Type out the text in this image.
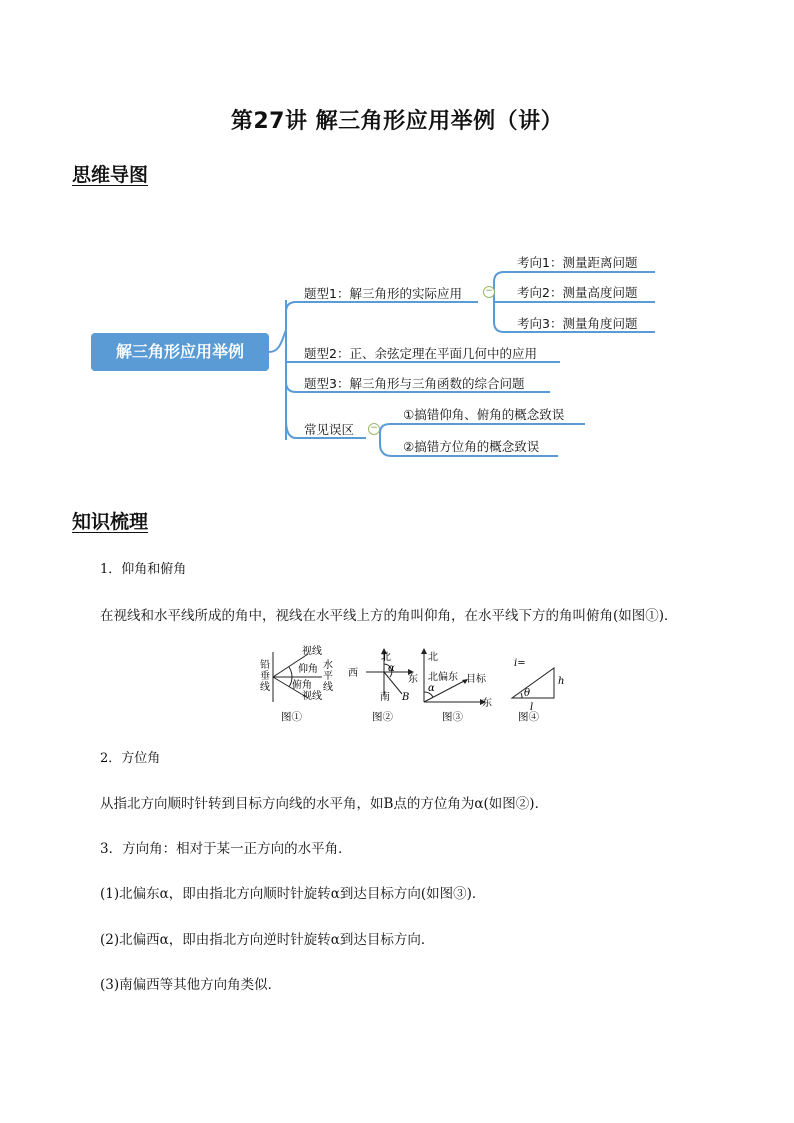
第27讲 解三角形应用举例（讲）
思维导图
解三角形应用举例
题型1：解三角形的实际应用	−
题型2：正、余弦定理在平面几何中的应用
题型3：解三角形与三角函数的综合问题
常见误区 −
考向1：测量距离问题
考向2：测量高度问题
考向3：测量角度问题
①搞错仰角、俯角的概念致误
②搞错方位角的概念致误
知识梳理
1．仰角和俯角
在视线和水平线所成的角中，视线在水平线上方的角叫仰角，在水平线下方的角叫俯角(如图①)．
铅
垂
线
水
平
线
视线
仰角
俯角
视线
北
西
东
南
α
B
北
北偏东 目标
α
东
i=
h
l
θ
图①	图②	图③	图④
2．方位角
从指北方向顺时针转到目标方向线的水平角，如B点的方位角为α(如图②)．
3．方向角：相对于某一正方向的水平角．
(1)北偏东α，即由指北方向顺时针旋转α到达目标方向(如图③)．
(2)北偏西α，即由指北方向逆时针旋转α到达目标方向．
(3)南偏西等其他方向角类似．
